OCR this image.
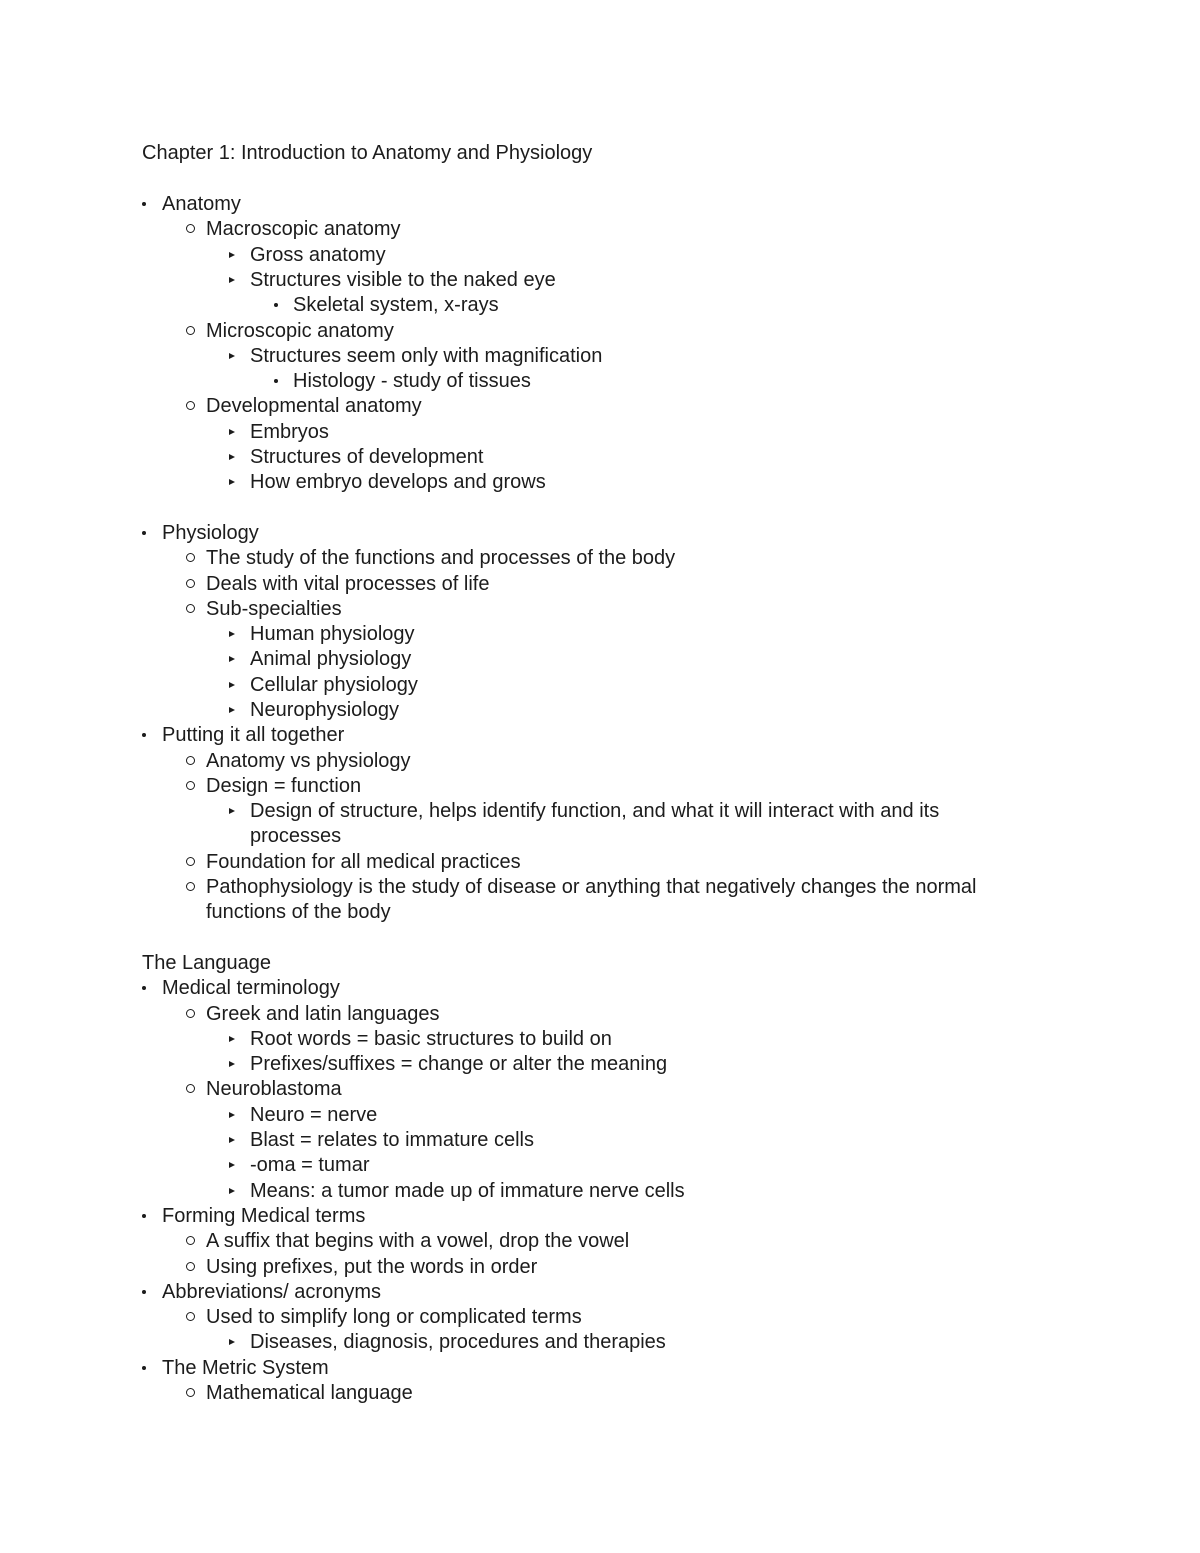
Chapter 1: Introduction to Anatomy and Physiology
Anatomy
Macroscopic anatomy
Gross anatomy
Structures visible to the naked eye
Skeletal system, x-rays
Microscopic anatomy
Structures seem only with magnification
Histology - study of tissues
Developmental anatomy
Embryos
Structures of development
How embryo develops and grows
Physiology
The study of the functions and processes of the body
Deals with vital processes of life
Sub-specialties
Human physiology
Animal physiology
Cellular physiology
Neurophysiology
Putting it all together
Anatomy vs physiology
Design = function
Design of structure, helps identify function, and what it will interact with and its
processes
Foundation for all medical practices
Pathophysiology is the study of disease or anything that negatively changes the normal
functions of the body
The Language
Medical terminology
Greek and latin languages
Root words = basic structures to build on
Prefixes/suffixes = change or alter the meaning
Neuroblastoma
Neuro = nerve
Blast = relates to immature cells
-oma = tumar
Means: a tumor made up of immature nerve cells
Forming Medical terms
A suffix that begins with a vowel, drop the vowel
Using prefixes, put the words in order
Abbreviations/ acronyms
Used to simplify long or complicated terms
Diseases, diagnosis, procedures and therapies
The Metric System
Mathematical language
